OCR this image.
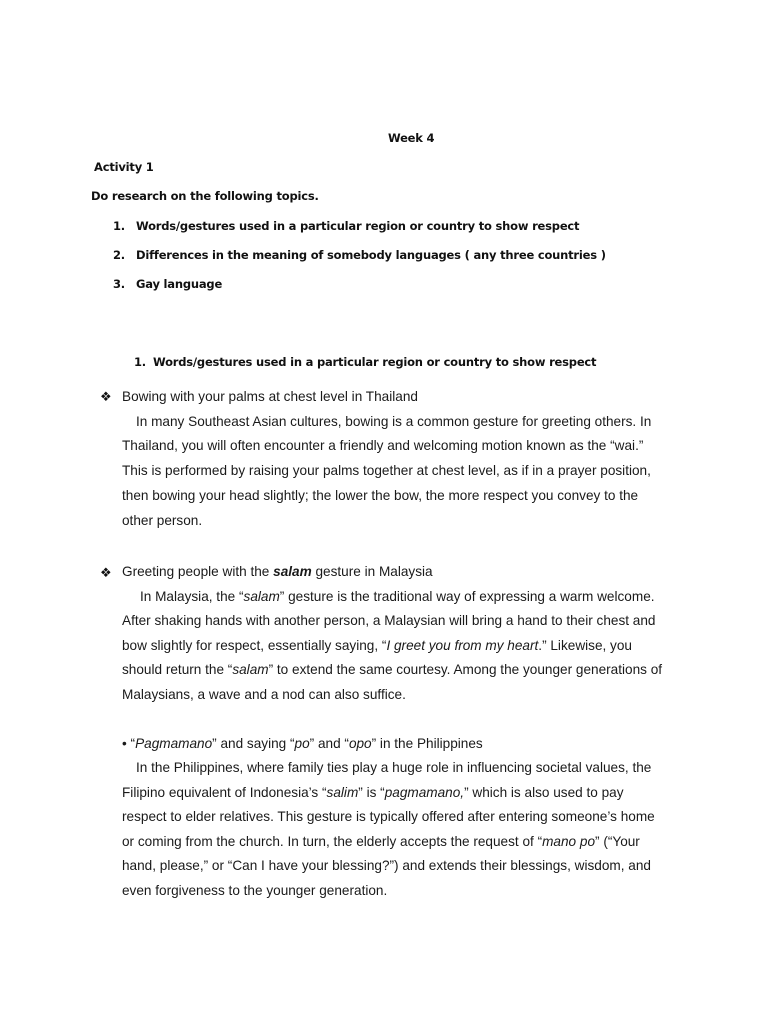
Week 4
Activity 1
Do research on the following topics.
1. Words/gestures used in a particular region or country to show respect
2. Differences in the meaning of somebody languages ( any three countries )
3. Gay language
1. Words/gestures used in a particular region or country to show respect
❖ Bowing with your palms at chest level in Thailand
In many Southeast Asian cultures, bowing is a common gesture for greeting others. In
Thailand, you will often encounter a friendly and welcoming motion known as the “wai.”
This is performed by raising your palms together at chest level, as if in a prayer position,
then bowing your head slightly; the lower the bow, the more respect you convey to the
other person.
❖ Greeting people with the salam gesture in Malaysia
In Malaysia, the “salam” gesture is the traditional way of expressing a warm welcome.
After shaking hands with another person, a Malaysian will bring a hand to their chest and
bow slightly for respect, essentially saying, “I greet you from my heart.” Likewise, you
should return the “salam” to extend the same courtesy. Among the younger generations of
Malaysians, a wave and a nod can also suffice.
• “Pagmamano” and saying “po” and “opo” in the Philippines
In the Philippines, where family ties play a huge role in influencing societal values, the
Filipino equivalent of Indonesia’s “salim” is “pagmamano,” which is also used to pay
respect to elder relatives. This gesture is typically offered after entering someone’s home
or coming from the church. In turn, the elderly accepts the request of “mano po” (“Your
hand, please,” or “Can I have your blessing?”) and extends their blessings, wisdom, and
even forgiveness to the younger generation.
